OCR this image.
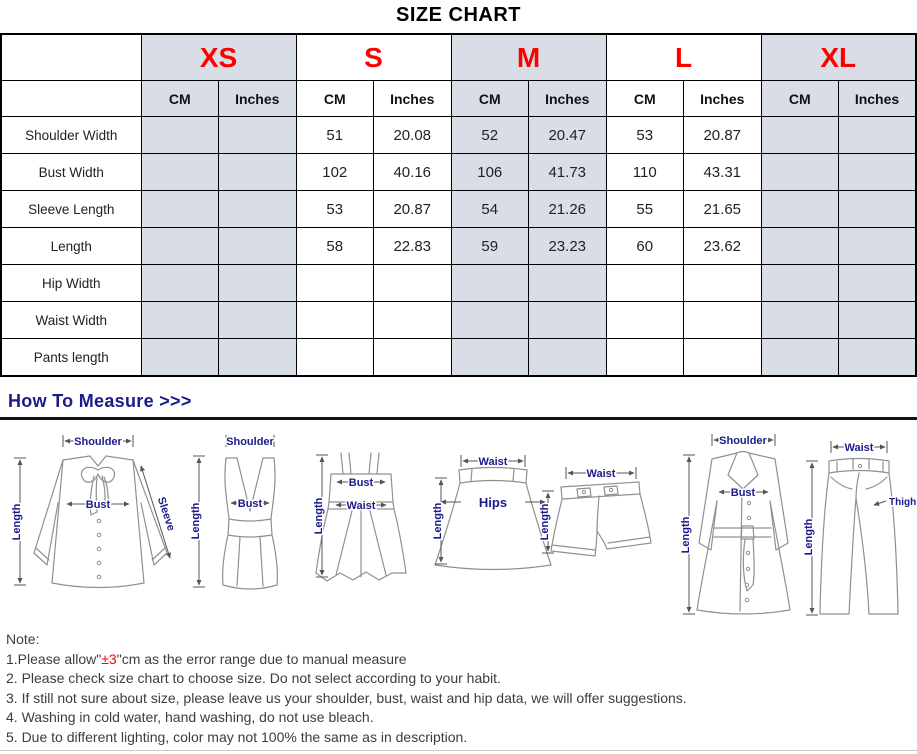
SIZE CHART
	XS		S		M		L		XL	
	CM	Inches	CM	Inches	CM	Inches	CM	Inches	CM	Inches
Shoulder Width			51	20.08	52	20.47	53	20.87		
Bust Width			102	40.16	106	41.73	110	43.31		
Sleeve Length			53	20.87	54	21.26	55	21.65		
Length			58	22.83	59	23.23	60	23.62		
Hip Width										
Waist Width										
Pants length										
How To Measure >>>
Shoulder
Length	Bust	Sleeve
Shoulder
Length	Bust
Bust
Waist
Length
Waist
Hips
Length
Waist
Length
Shoulder
Bust
Length
Waist
Thigh
Length
Note:
1.Please allow"±3"cm as the error range due to manual measure
2. Please check size chart to choose size. Do not select according to your habit.
3. If still not sure about size, please leave us your shoulder, bust, waist and hip data, we will offer suggestions.
4. Washing in cold water, hand washing, do not use bleach.
5. Due to different lighting, color may not 100% the same as in description.
